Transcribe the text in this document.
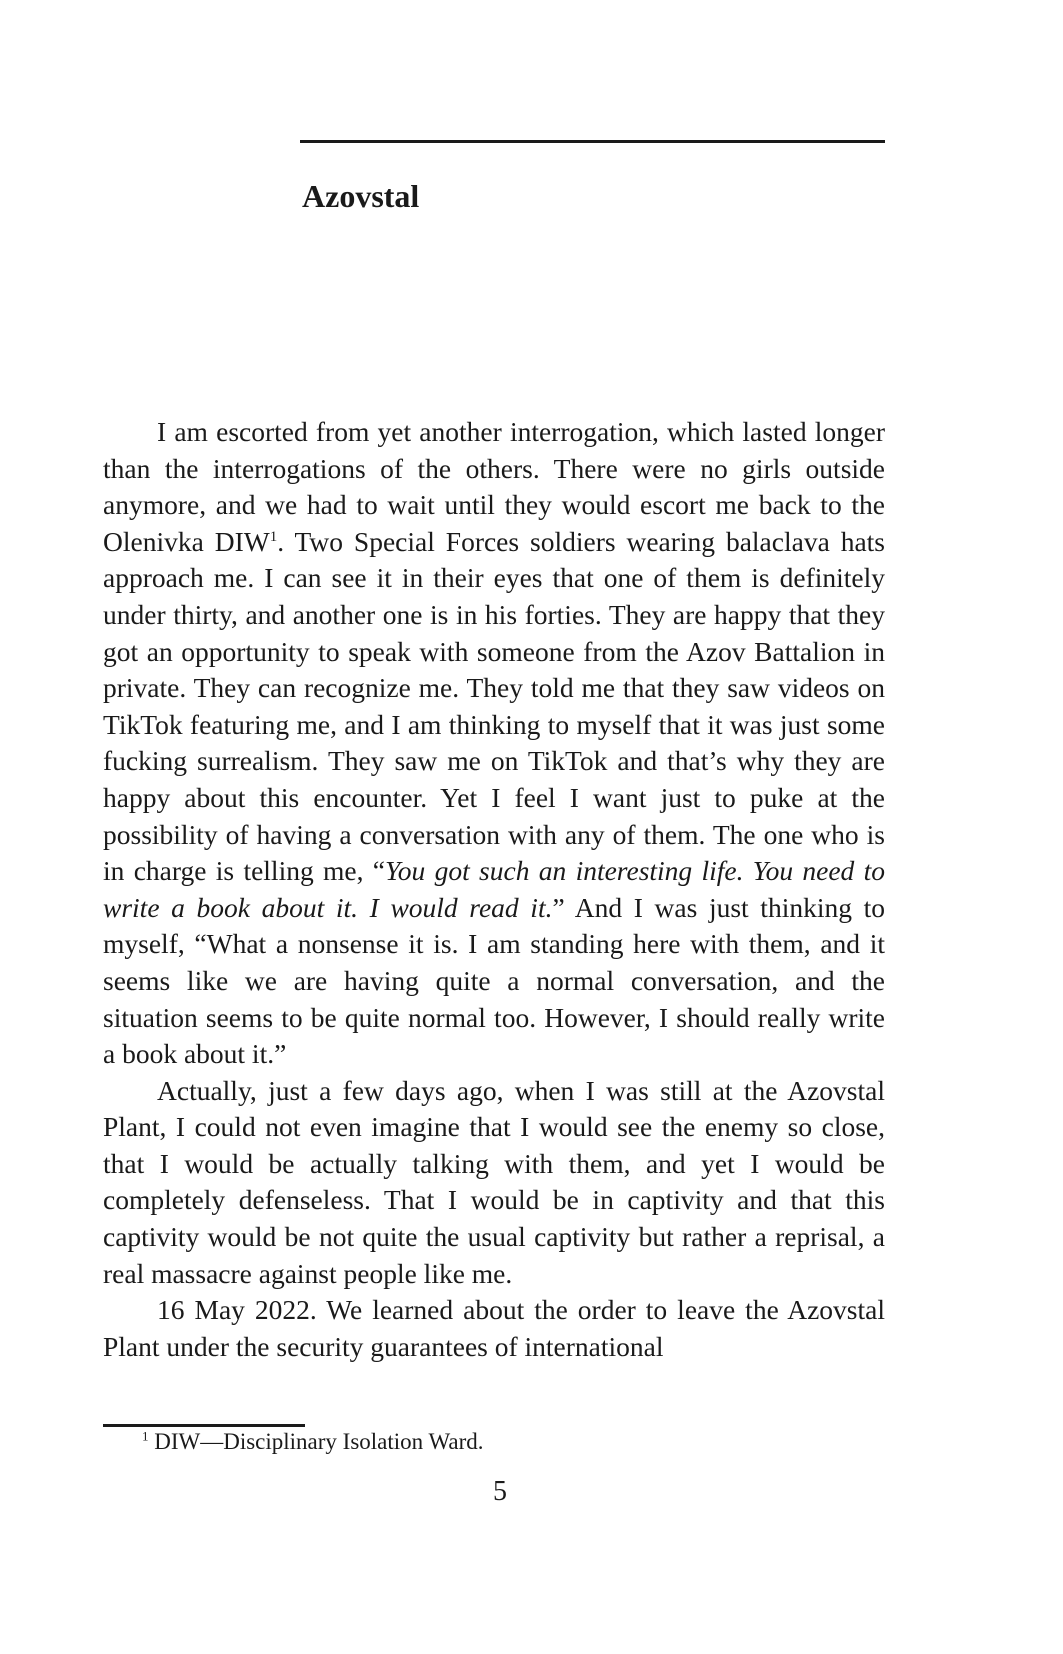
Azovstal

I am escorted from yet another interrogation, which lasted longer than the interrogations of the others. There were no girls outside anymore, and we had to wait until they would escort me back to the Olenivka DIW$^1$. Two Special Forces soldiers wearing balaclava hats approach me. I can see it in their eyes that one of them is definitely under thirty, and another one is in his forties. They are happy that they got an opportunity to speak with someone from the Azov Battalion in private. They can recognize me. They told me that they saw videos on TikTok featuring me, and I am thinking to myself that it was just some fucking surrealism. They saw me on TikTok and that’s why they are happy about this encounter. Yet I feel I want just to puke at the possibility of having a conversation with any of them. The one who is in charge is telling me, “You got such an interesting life. You need to write a book about it. I would read it.” And I was just thinking to myself, “What a nonsense it is. I am standing here with them, and it seems like we are having quite a normal conversation, and the situation seems to be quite normal too. However, I should really write a book about it.”

Actually, just a few days ago, when I was still at the Azovstal Plant, I could not even imagine that I would see the enemy so close, that I would be actually talking with them, and yet I would be completely defenseless. That I would be in captivity and that this captivity would be not quite the usual captivity but rather a reprisal, a real massacre against people like me.

16 May 2022. We learned about the order to leave the Azovstal Plant under the security guarantees of international

$^1$ DIW—Disciplinary Isolation Ward.

5
